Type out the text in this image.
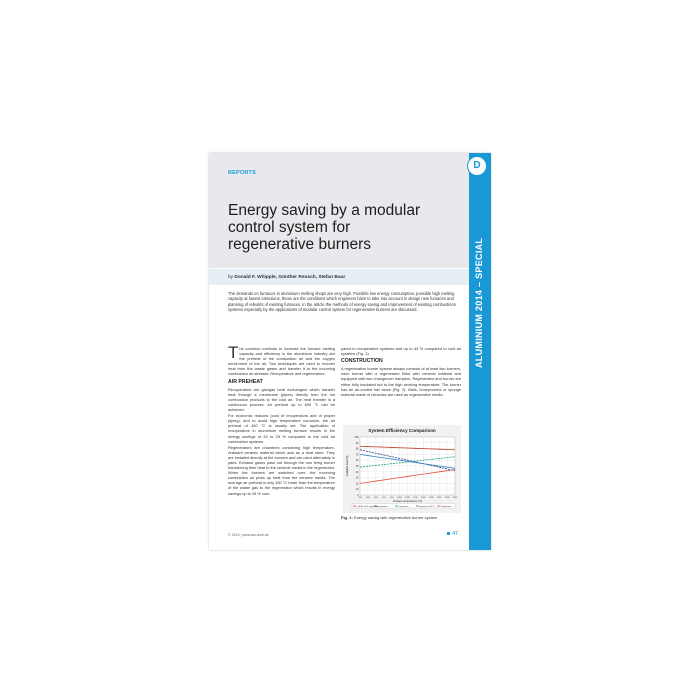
ALUMINIUM 2014 – SPECIAL
D
REPORTS
Energy saving by a modular control system for regenerative burners
by Donald F. Whipple, Günther Reusch, Stefan Baur
The demands on furnaces in aluminium melting shops are very high. Possible low energy consumption, possible high melting capacity at lowest emissions, these are the conditions which engineers have to take into account in design new furnaces and planning of rebuilds of existing furnaces. In the article the methods of energy saving and improvement of existing combustions systems especially by the applications of modular control system for regenerative burners are discussed.

The common methods to increase the furnace melting capacity and efficiency in the aluminium industry are the preheat of the combustion air and the oxygen enrichment of the air. Two techniques are used to recover heat from the waste gases and transfer it to the incoming combustion air streams: Recuperators and regenerators.

AIR PREHEAT

Recuperators are gas/gas heat exchangers which transfer heat through a membrane (pipes) directly from the hot combustion products to the cold air. The heat transfer is a continuous process. Air preheat up to 600 °C can be achieved.

For economic reasons (cost of recuperators and of proper piping), and to avoid high temperature corrosion, the air preheat of 450 °C is usually set. The application of recuperators in aluminium melting furnace results in the energy savings of 20 to 25 % compared to the cold air combustion systems.

Regenerators are chambers containing high temperature-resistant ceramic material which acts as a heat store. They are installed directly at the burners and are used alternately in pairs. Exhaust gases pass out through the non firing burner transferring their heat to the ceramic media in the regenerator. When the burners are switched over, the incoming combustion air picks up heat from the ceramic media. The average air preheat is only 150 °C lower than the temperature of the waste gas to the regenerator which results in energy savings up to 25 % com-

pared to recuperative systems and up to 43 % compared to cold air systems (Fig. 1).

CONSTRUCTION

A regenerative burner system always consists of at least two burners, each burner with a regenerator filled with ceramic material and equipped with two changeover dampers. Regenerator and burner are either fully insulated but to the high working temperature. The burner has an air-cooled fuel lance (Fig. 2). Balls, honeycombs or sponge material made of ceramics are used as regenerative media.

System Efficiency Comparison
0
10
20
30
40
50
60
70
80
90
100
750	800	850	900	950	1000	1050	1100	1150	1200	1250	1300	1350
Furnace temperature [°C]
Available heat [%]
Cold Air, 100% regenerative
recuperative	regenerative	opposed air 450 °C	Regenerative
Fig. 1: Energy saving with regenerative burner system
© 2014 | www.alu-web.de	47
